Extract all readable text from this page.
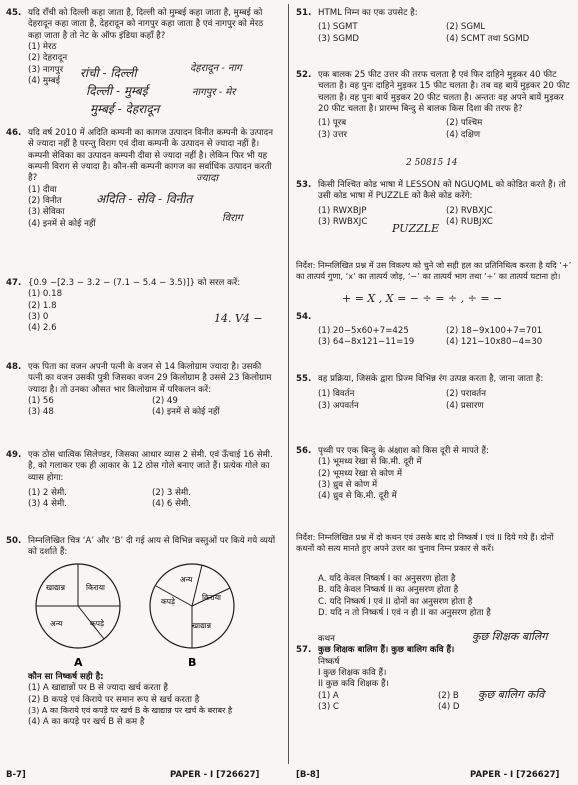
45. यदि राँची को दिल्ली कहा जाता है, दिल्ली को मुम्बई कहा जाता है, मुम्बई को देहरादून कहा जाता है, देहरादून को नागपुर कहा जाता है एवं नागपुर को मेरठ कहा जाता है तो नेट के ऑफ इंडिया कहाँ है?
(1) मेरठ
(2) देहरादून
(3) नागपुर
(4) मुम्बई
रांची - दिल्ली	देहरादून - नाग
दिल्ली - मुम्बई	नागपुर - मेर
मुम्बई - देहरादून
46. यदि वर्ष 2010 में अदिति कम्पनी का कागज उत्पादन विनीत कम्पनी के उत्पादन से ज्यादा नहीं है परन्तु विराग एवं दीवा कम्पनी के उत्पादन से ज्यादा नहीं है। कम्पनी सेविका का उत्पादन कम्पनी दीवा से ज्यादा नहीं है। लेकिन फिर भी यह कम्पनी विराग से ज्यादा है। कौन-सी कम्पनी कागज का सर्वाधिक उत्पादन करती है?
(1) दीवा
(2) विनीत
(3) सेविका
(4) इनमें से कोई नहीं
ज्यादा
अदिति - सेवि - विनीत
विराग
47. {0.9 −[2.3 − 3.2 − (7.1 − 5.4 − 3.5)]} को सरल करें:
(1) 0.18
(2) 1.8
(3) 0
(4) 2.6
14. V4 −
48. एक पिता का वजन अपनी पत्नी के वजन से 14 किलोग्राम ज्यादा है। उसकी पत्नी का वजन उसकी पुत्री जिसका वजन 29 किलोग्राम है उससे 23 किलोग्राम ज्यादा है। तो उनका औसत भार किलोग्राम में परिकलन करें:
(1) 56	(2) 49
(3) 48	(4) इनमें से कोई नहीं
49. एक ठोस धात्विक सिलेण्डर, जिसका आधार व्यास 2 सेमी. एवं ऊँचाई 16 सेमी. है, को गलाकर एक ही आकार के 12 ठोस गोले बनाए जाते हैं। प्रत्येक गोले का व्यास होगा:
(1) 2 सेमी.	(2) 3 सेमी.
(3) 4 सेमी.	(4) 6 सेमी.
50. निम्नलिखित चित्र ‘A’ और ‘B’ दी गई आय से विभिन्न वस्तुओं पर किये गये व्ययों को दर्शाते हैं:
खाद्यान्न	किराया
अन्य	कपड़े
A
अन्य
कपड़े	किराया
खाद्यान्न
B
कौन सा निष्कर्ष सही है:
(1) A खाद्यान्नों पर B से ज्यादा खर्च करता है
(2) B कपड़े एवं किराये पर समान रूप से खर्च करता है
(3) A का किराये एवं कपड़े पर खर्च B के खाद्यान्न पर खर्च के बराबर है
(4) A का कपड़े पर खर्च B से कम है
B-7]	PAPER - I [726627]
51. HTML निम्न का एक उपसेट है:
(1) SGMT	(2) SGML
(3) SGMD	(4) SCMT तथा SGMD
52. एक बालक 25 फीट उत्तर की तरफ चलता है एवं फिर दाहिने मुड़कर 40 फीट चलता है। वह पुनः दाहिने मुड़कर 15 फीट चलता है। तब वह बायें मुड़कर 20 फीट चलता है। वह पुनः बायें मुड़कर 20 फीट चलता है। अन्ततः वह अपने बायें मुड़कर 20 फीट चलता है। प्रारम्भ बिन्दु से बालक किस दिशा की तरफ है?
(1) पूरब	(2) पश्चिम
(3) उत्तर	(4) दक्षिण
2 50815 14
53. किसी निश्चित कोड भाषा में LESSON को NGUQML को कोडित करते हैं। तो उसी कोड भाषा में PUZZLE को कैसे कोड करेंगे:
(1) RWXBJP	(2) RVBXJC
(3) RWBXJC	(4) RUBJXC
PUZZLE
निर्देश: निम्नलिखित प्रश्न में उस विकल्प को चुने जो सही हल का प्रतिनिधित्व करता है यदि ‘+’ का तात्पर्य गुणा, ‘x’ का तात्पर्य जोड़, ‘−’ का तात्पर्य भाग तथा ‘÷’ का तात्पर्य घटाना हो।
+ = X , X = − ÷ = ÷ , ÷ = −
54.
(1) 20−5x60+7=425	(2) 18−9x100+7=701
(3) 64−8x121−11=19	(4) 121−10x80−4=30
55. वह प्रक्रिया, जिसके द्वारा प्रिज्म विभिन्न रंग उत्पन्न करता है, जाना जाता है:
(1) विवर्तन	(2) परावर्तन
(3) अपवर्तन	(4) प्रसारण
56. पृथ्वी पर एक बिन्दु के अंक्षाश को किस दूरी से मापते हैं:
(1) भूमध्य रेखा से कि.मी. दूरी में
(2) भूमध्य रेखा से कोण में
(3) ध्रुव से कोण में
(4) ध्रुव से कि.मी. दूरी में
निर्देश: निम्नलिखित प्रश्न में दो कथन एवं उसके बाद दो निष्कर्ष I एवं II दिये गये हैं। दोनों कथनों को सत्य मानते हुए अपने उत्तर का चुनाव निम्न प्रकार से करें।
A. यदि केवल निष्कर्ष I का अनुसरण होता है
B. यदि केवल निष्कर्ष II का अनुसरण होता है
C. यदि निष्कर्ष I एवं II दोनों का अनुसरण होता है
D. यदि न तो निष्कर्ष I एवं न ही II का अनुसरण होता है
कथन
57. कुछ शिक्षक बालिग हैं। कुछ बालिग कवि हैं।
निष्कर्ष
I कुछ शिक्षक कवि हैं।
II कुछ कवि शिक्षक हैं।
(1) A	(2) B
(3) C	(4) D
कुछ शिक्षक बालिग
कुछ बालिग कवि
[B-8]	PAPER - I [726627]
